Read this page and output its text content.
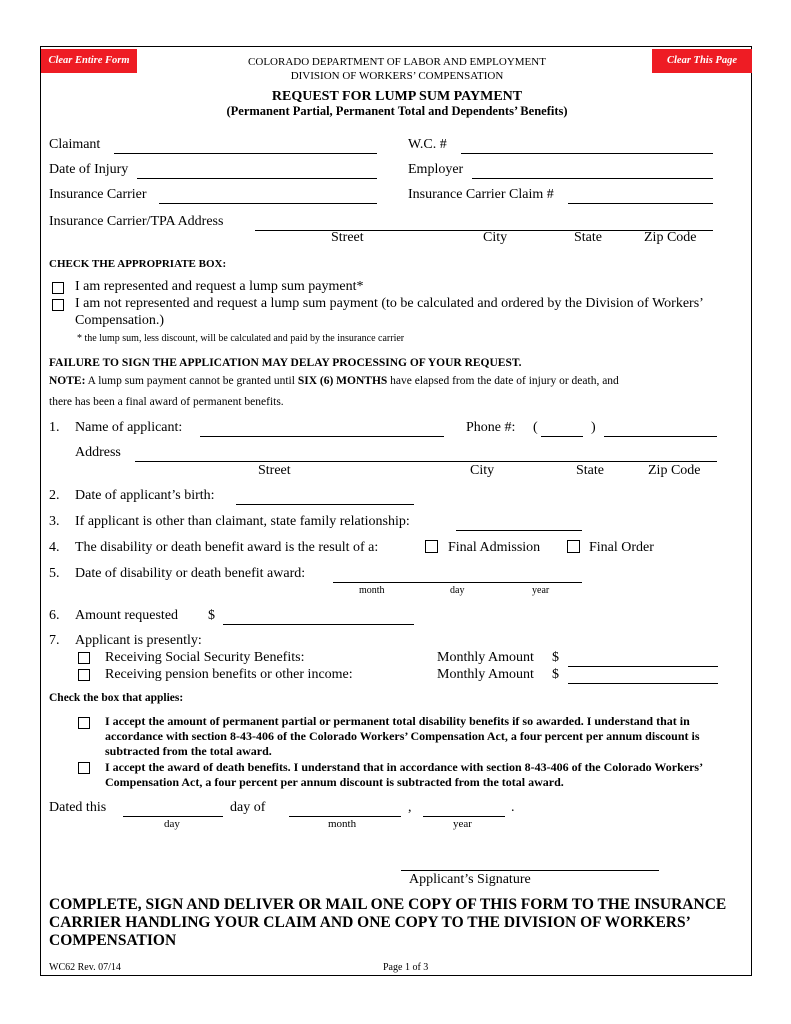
Clear Entire Form	Clear This Page
COLORADO DEPARTMENT OF LABOR AND EMPLOYMENT
DIVISION OF WORKERS’ COMPENSATION
REQUEST FOR LUMP SUM PAYMENT
(Permanent Partial, Permanent Total and Dependents’ Benefits)
Claimant	W.C. #
Date of Injury	Employer
Insurance Carrier	Insurance Carrier Claim #
Insurance Carrier/TPA Address
Street	City	State	Zip Code
CHECK THE APPROPRIATE BOX:
I am represented and request a lump sum payment*
I am not represented and request a lump sum payment (to be calculated and ordered by the Division of Workers’
Compensation.)
* the lump sum, less discount, will be calculated and paid by the insurance carrier
FAILURE TO SIGN THE APPLICATION MAY DELAY PROCESSING OF YOUR REQUEST.
NOTE: A lump sum payment cannot be granted until SIX (6) MONTHS have elapsed from the date of injury or death, and
there has been a final award of permanent benefits.
1. Name of applicant:	Phone #: (	)
Address
Street	City	State	Zip Code
2. Date of applicant’s birth:
3. If applicant is other than claimant, state family relationship:
4. The disability or death benefit award is the result of a:	Final Admission	Final Order
5. Date of disability or death benefit award:
month	day	year
6. Amount requested $
7. Applicant is presently:
Receiving Social Security Benefits:	Monthly Amount $
Receiving pension benefits or other income:	Monthly Amount $
Check the box that applies:
I accept the amount of permanent partial or permanent total disability benefits if so awarded. I understand that in accordance with section 8-43-406 of the Colorado Workers’ Compensation Act, a four percent per annum discount is subtracted from the total award.
I accept the award of death benefits. I understand that in accordance with section 8-43-406 of the Colorado Workers’ Compensation Act, a four percent per annum discount is subtracted from the total award.
Dated this	day of	,	.
day	month	year
Applicant’s Signature
COMPLETE, SIGN AND DELIVER OR MAIL ONE COPY OF THIS FORM TO THE INSURANCE CARRIER HANDLING YOUR CLAIM AND ONE COPY TO THE DIVISION OF WORKERS’ COMPENSATION
WC62 Rev. 07/14	Page 1 of 3
